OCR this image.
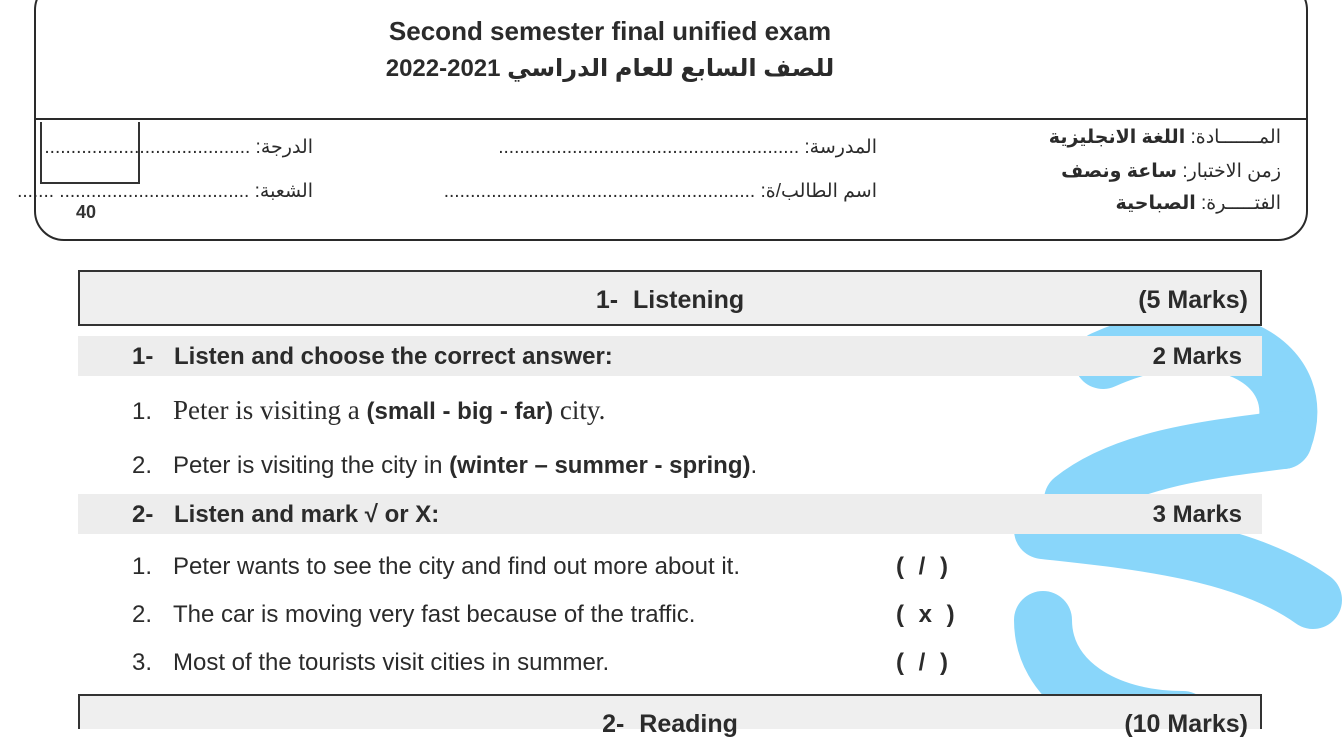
Second semester final unified exam
للصف السابع للعام الدراسي 2021-2022
40
المـــــــادة: اللغة الانجليزية
زمن الاختبار: ساعة ونصف
الفتـــــرة: الصباحية
المدرسة: .........................................................
اسم الطالب/ة: ...........................................................
الدرجة: .......................................
الشعبة: .................................... .......
1- Listening	(5 Marks)
1- Listen and choose the correct answer:	2 Marks
1. Peter is visiting a (small - big - far) city.
2. Peter is visiting the city in (winter – summer - spring).
2- Listen and mark √ or X:	3 Marks
1. Peter wants to see the city and find out more about it.	( / )
2. The car is moving very fast because of the traffic.	( x )
3. Most of the tourists visit cities in summer.	( / )
2- Reading	(10 Marks)
